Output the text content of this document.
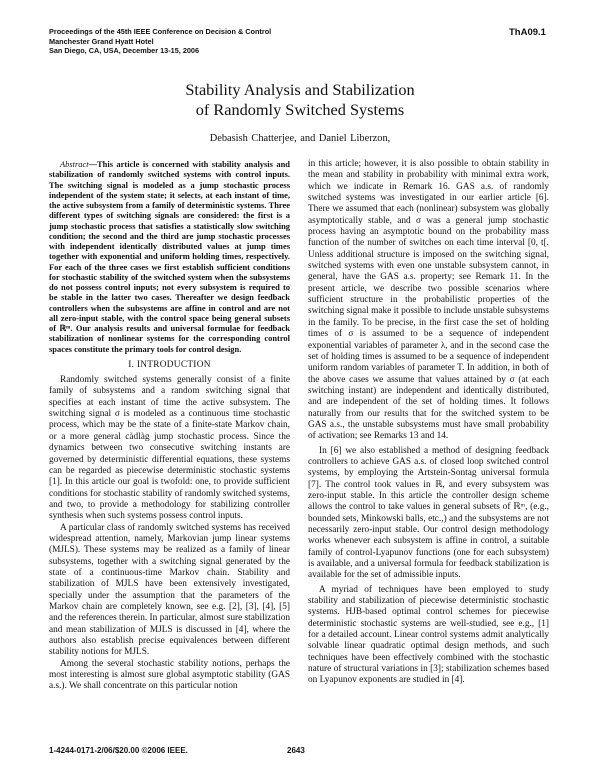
Proceedings of the 45th IEEE Conference on Decision & Control
Manchester Grand Hyatt Hotel
San Diego, CA, USA, December 13-15, 2006
ThA09.1
Stability Analysis and Stabilization
of Randomly Switched Systems
Debasish Chatterjee, and Daniel Liberzon,

Abstract—This article is concerned with stability analysis and stabilization of randomly switched systems with control inputs. The switching signal is modeled as a jump stochastic process independent of the system state; it selects, at each instant of time, the active subsystem from a family of deterministic systems. Three different types of switching signals are considered: the first is a jump stochastic process that satisfies a statistically slow switching condition; the second and the third are jump stochastic processes with independent identically distributed values at jump times together with exponential and uniform holding times, respectively. For each of the three cases we first establish sufficient conditions for stochastic stability of the switched system when the subsystems do not possess control inputs; not every subsystem is required to be stable in the latter two cases. Thereafter we design feedback controllers when the subsystems are affine in control and are not all zero-input stable, with the control space being general subsets of ℝᵐ. Our analysis results and universal formulae for feedback stabilization of nonlinear systems for the corresponding control spaces constitute the primary tools for control design.

I. INTRODUCTION

Randomly switched systems generally consist of a finite family of subsystems and a random switching signal that specifies at each instant of time the active subsystem. The switching signal σ is modeled as a continuous time stochastic process, which may be the state of a finite-state Markov chain, or a more general càdlàg jump stochastic process. Since the dynamics between two consecutive switching instants are governed by deterministic differential equations, these systems can be regarded as piecewise deterministic stochastic systems [1]. In this article our goal is twofold: one, to provide sufficient conditions for stochastic stability of randomly switched systems, and two, to provide a methodology for stabilizing controller synthesis when such systems possess control inputs.

A particular class of randomly switched systems has received widespread attention, namely, Markovian jump linear systems (MJLS). These systems may be realized as a family of linear subsystems, together with a switching signal generated by the state of a continuous-time Markov chain. Stability and stabilization of MJLS have been extensively investigated, specially under the assumption that the parameters of the Markov chain are completely known, see e.g. [2], [3], [4], [5] and the references therein. In particular, almost sure stabilization and mean stabilization of MJLS is discussed in [4], where the authors also establish precise equivalences between different stability notions for MJLS.

Among the several stochastic stability notions, perhaps the most interesting is almost sure global asymptotic stability (GAS a.s.). We shall concentrate on this particular notion

in this article; however, it is also possible to obtain stability in the mean and stability in probability with minimal extra work, which we indicate in Remark 16. GAS a.s. of randomly switched systems was investigated in our earlier article [6]. There we assumed that each (nonlinear) subsystem was globally asymptotically stable, and σ was a general jump stochastic process having an asymptotic bound on the probability mass function of the number of switches on each time interval [0, t[. Unless additional structure is imposed on the switching signal, switched systems with even one unstable subsystem cannot, in general, have the GAS a.s. property; see Remark 11. In the present article, we describe two possible scenarios where sufficient structure in the probabilistic properties of the switching signal make it possible to include unstable subsystems in the family. To be precise, in the first case the set of holding times of σ is assumed to be a sequence of independent exponential variables of parameter λ, and in the second case the set of holding times is assumed to be a sequence of independent uniform random variables of parameter T. In addition, in both of the above cases we assume that values attained by σ (at each switching instant) are independent and identically distributed, and are independent of the set of holding times. It follows naturally from our results that for the switched system to be GAS a.s., the unstable subsystems must have small probability of activation; see Remarks 13 and 14.

In [6] we also established a method of designing feedback controllers to achieve GAS a.s. of closed loop switched control systems, by employing the Artstein-Sontag universal formula [7]. The control took values in ℝ, and every subsystem was zero-input stable. In this article the controller design scheme allows the control to take values in general subsets of ℝᵐ, (e.g., bounded sets, Minkowski balls, etc.,) and the subsystems are not necessarily zero-input stable. Our control design methodology works whenever each subsystem is affine in control, a suitable family of control-Lyapunov functions (one for each subsystem) is available, and a universal formula for feedback stabilization is available for the set of admissible inputs.

A myriad of techniques have been employed to study stability and stabilization of piecewise deterministic stochastic systems. HJB-based optimal control schemes for piecewise deterministic stochastic systems are well-studied, see e.g., [1] for a detailed account. Linear control systems admit analytically solvable linear quadratic optimal design methods, and such techniques have been effectively combined with the stochastic nature of structural variations in [3]; stabilization schemes based on Lyapunov exponents are studied in [4].

1-4244-0171-2/06/$20.00 ©2006 IEEE.	2643
